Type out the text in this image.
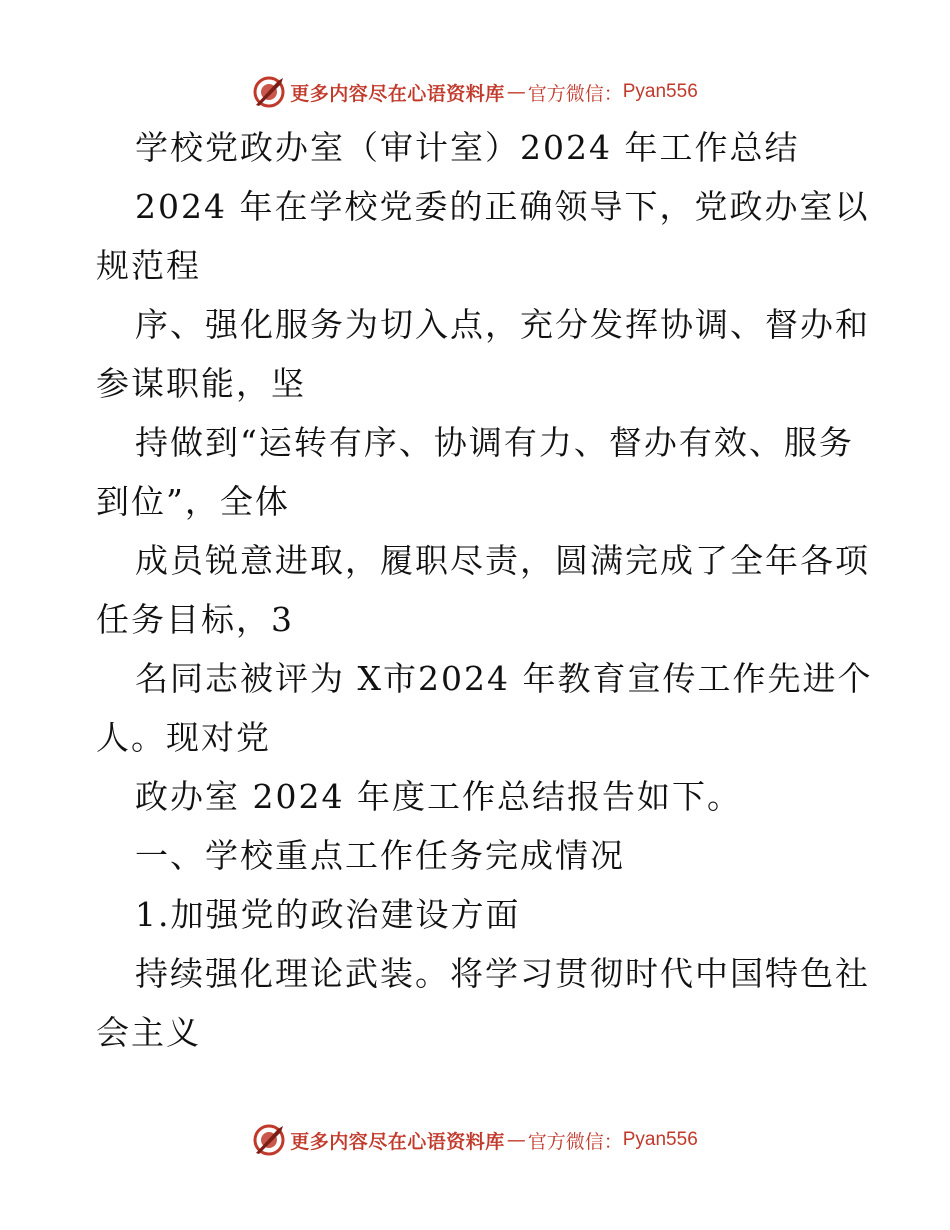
更多内容尽在心语资料库 — 官方微信： Pyan556
学校党政办室（审计室）2024 年工作总结
2024 年在学校党委的正确领导下，党政办室以
规范程
序、强化服务为切入点，充分发挥协调、督办和
参谋职能，坚
持做到“运转有序、协调有力、督办有效、服务
到位”，全体
成员锐意进取，履职尽责，圆满完成了全年各项
任务目标，3
名同志被评为 X市2024 年教育宣传工作先进个
人。现对党
政办室 2024 年度工作总结报告如下。
一、学校重点工作任务完成情况
1.加强党的政治建设方面
持续强化理论武装。将学习贯彻时代中国特色社
会主义
更多内容尽在心语资料库 — 官方微信： Pyan556
